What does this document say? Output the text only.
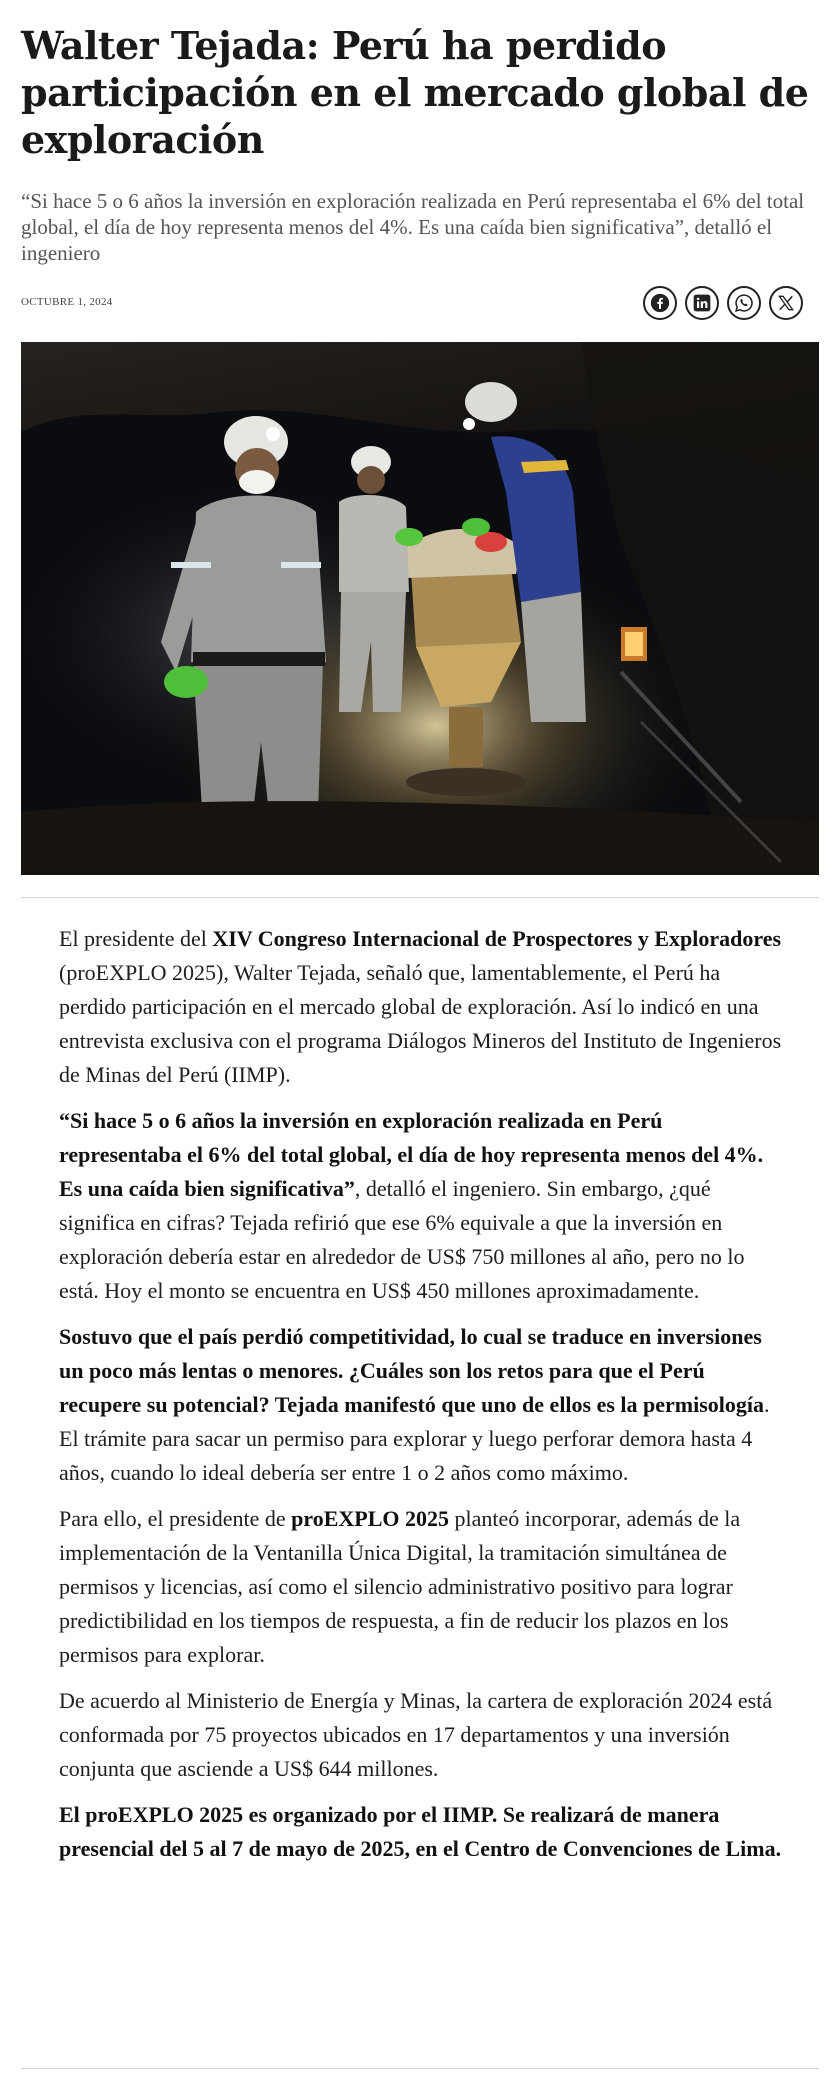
Walter Tejada: Perú ha perdido participación en el mercado global de exploración

“Si hace 5 o 6 años la inversión en exploración realizada en Perú representaba el 6% del total global, el día de hoy representa menos del 4%. Es una caída bien significativa”, detalló el ingeniero

OCTUBRE 1, 2024

El presidente del XIV Congreso Internacional de Prospectores y Exploradores (proEXPLO 2025), Walter Tejada, señaló que, lamentablemente, el Perú ha perdido participación en el mercado global de exploración. Así lo indicó en una entrevista exclusiva con el programa Diálogos Mineros del Instituto de Ingenieros de Minas del Perú (IIMP).

“Si hace 5 o 6 años la inversión en exploración realizada en Perú representaba el 6% del total global, el día de hoy representa menos del 4%. Es una caída bien significativa”, detalló el ingeniero. Sin embargo, ¿qué significa en cifras? Tejada refirió que ese 6% equivale a que la inversión en exploración debería estar en alrededor de US$ 750 millones al año, pero no lo está. Hoy el monto se encuentra en US$ 450 millones aproximadamente.

Sostuvo que el país perdió competitividad, lo cual se traduce en inversiones un poco más lentas o menores. ¿Cuáles son los retos para que el Perú recupere su potencial? Tejada manifestó que uno de ellos es la permisología. El trámite para sacar un permiso para explorar y luego perforar demora hasta 4 años, cuando lo ideal debería ser entre 1 o 2 años como máximo.

Para ello, el presidente de proEXPLO 2025 planteó incorporar, además de la implementación de la Ventanilla Única Digital, la tramitación simultánea de permisos y licencias, así como el silencio administrativo positivo para lograr predictibilidad en los tiempos de respuesta, a fin de reducir los plazos en los permisos para explorar.

De acuerdo al Ministerio de Energía y Minas, la cartera de exploración 2024 está conformada por 75 proyectos ubicados en 17 departamentos y una inversión conjunta que asciende a US$ 644 millones.

El proEXPLO 2025 es organizado por el IIMP. Se realizará de manera presencial del 5 al 7 de mayo de 2025, en el Centro de Convenciones de Lima.
